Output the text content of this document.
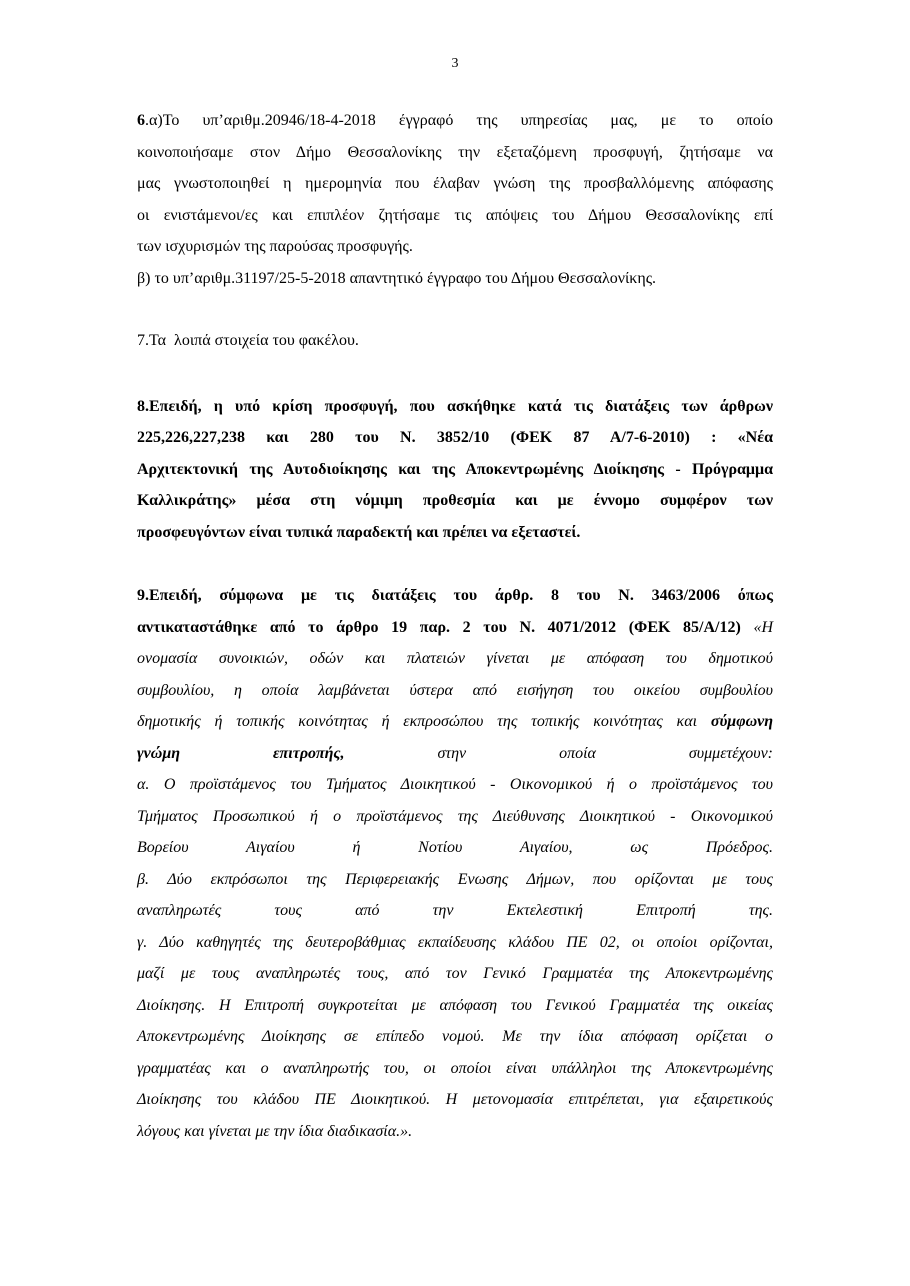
3
6.α)Το υπ’αριθμ.20946/18-4-2018 έγγραφό της υπηρεσίας μας, με το οποίο
κοινοποιήσαμε στον Δήμο Θεσσαλονίκης την εξεταζόμενη προσφυγή, ζητήσαμε να
μας γνωστοποιηθεί η ημερομηνία που έλαβαν γνώση της προσβαλλόμενης απόφασης
οι ενιστάμενοι/ες και επιπλέον ζητήσαμε τις απόψεις του Δήμου Θεσσαλονίκης επί
των ισχυρισμών της παρούσας προσφυγής.
β) το υπ’αριθμ.31197/25-5-2018 απαντητικό έγγραφο του Δήμου Θεσσαλονίκης.
7.Τα  λοιπά στοιχεία του φακέλου.
8.Επειδή, η υπό κρίση προσφυγή, που ασκήθηκε κατά τις διατάξεις των άρθρων
225,226,227,238 και 280 του Ν. 3852/10 (ΦΕΚ 87 Α/7-6-2010) : «Νέα
Αρχιτεκτονική της Αυτοδιοίκησης και της Αποκεντρωμένης Διοίκησης - Πρόγραμμα
Καλλικράτης» μέσα στη νόμιμη προθεσμία και με έννομο συμφέρον των
προσφευγόντων είναι τυπικά παραδεκτή και πρέπει να εξεταστεί.
9.Επειδή, σύμφωνα με τις διατάξεις του άρθρ. 8 του Ν. 3463/2006 όπως
αντικαταστάθηκε από το άρθρο 19 παρ. 2 του Ν. 4071/2012 (ΦΕΚ 85/Α/12) «Η
ονομασία συνοικιών, οδών και πλατειών γίνεται με απόφαση του δημοτικού
συμβουλίου, η οποία λαμβάνεται ύστερα από εισήγηση του οικείου συμβουλίου
δημοτικής ή τοπικής κοινότητας ή εκπροσώπου της τοπικής κοινότητας και σύμφωνη
γνώμη επιτροπής,	στην οποία συμμετέχουν:
α. Ο προϊστάμενος του Τμήματος Διοικητικού - Οικονομικού ή ο προϊστάμενος του
Τμήματος Προσωπικού ή ο προϊστάμενος της Διεύθυνσης Διοικητικού - Οικονομικού
Βορείου Αιγαίου ή Νοτίου Αιγαίου, ως Πρόεδρος.
β. Δύο εκπρόσωποι της Περιφερειακής Ενωσης Δήμων, που ορίζονται με τους
αναπληρωτές τους από την Εκτελεστική Επιτροπή της.
γ. Δύο καθηγητές της δευτεροβάθμιας εκπαίδευσης κλάδου ΠΕ 02, οι οποίοι ορίζονται,
μαζί με τους αναπληρωτές τους, από τον Γενικό Γραμματέα της Αποκεντρωμένης
Διοίκησης. Η Επιτροπή συγκροτείται με απόφαση του Γενικού Γραμματέα της οικείας
Αποκεντρωμένης Διοίκησης σε επίπεδο νομού. Με την ίδια απόφαση ορίζεται ο
γραμματέας και ο αναπληρωτής του, οι οποίοι είναι υπάλληλοι της Αποκεντρωμένης
Διοίκησης του κλάδου ΠΕ Διοικητικού. Η μετονομασία επιτρέπεται, για εξαιρετικούς
λόγους και γίνεται με την ίδια διαδικασία.».
